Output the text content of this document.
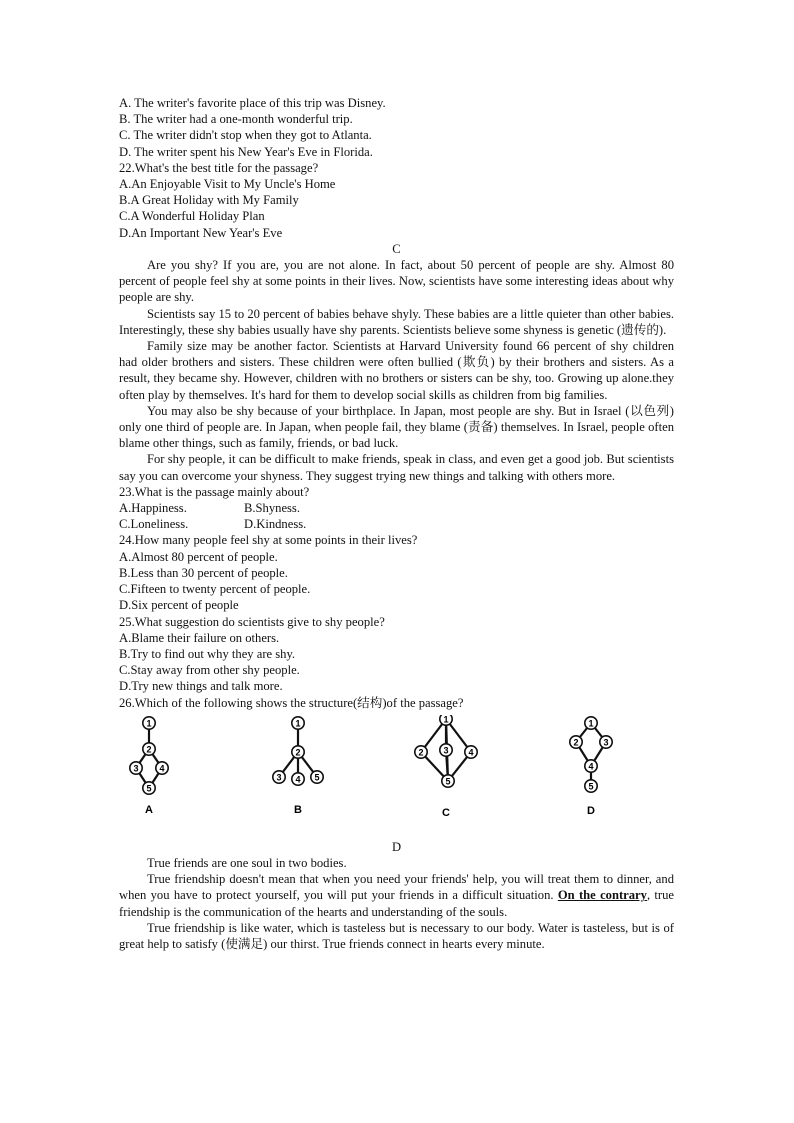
A. The writer's favorite place of this trip was Disney.
B. The writer had a one-month wonderful trip.
C. The writer didn't stop when they got to Atlanta.
D. The writer spent his New Year's Eve in Florida.
22.What's the best title for the passage?
A.An Enjoyable Visit to My Uncle's Home
B.A Great Holiday with My Family
C.A Wonderful Holiday Plan
D.An Important New Year's Eve
C

Are you shy? If you are, you are not alone. In fact, about 50 percent of people are shy. Almost 80 percent of people feel shy at some points in their lives. Now, scientists have some interesting ideas about why people are shy.

Scientists say 15 to 20 percent of babies behave shyly. These babies are a little quieter than other babies. Interestingly, these shy babies usually have shy parents. Scientists believe some shyness is genetic (遗传的).

Family size may be another factor. Scientists at Harvard University found 66 percent of shy children had older brothers and sisters. These children were often bullied (欺负) by their brothers and sisters. As a result, they became shy. However, children with no brothers or sisters can be shy, too. Growing up alone.they often play by themselves. It's hard for them to develop social skills as children from big families.

You may also be shy because of your birthplace. In Japan, most people are shy. But in Israel (以色列) only one third of people are. In Japan, when people fail, they blame (责备) themselves. In Israel, people often blame other things, such as family, friends, or bad luck.

For shy people, it can be difficult to make friends, speak in class, and even get a good job. But scientists say you can overcome your shyness. They suggest trying new things and talking with others more.

23.What is the passage mainly about?
A.Happiness.	B.Shyness.
C.Loneliness.	D.Kindness.
24.How many people feel shy at some points in their lives?
A.Almost 80 percent of people.
B.Less than 30 percent of people.
C.Fifteen to twenty percent of people.
D.Six percent of people
25.What suggestion do scientists give to shy people?
A.Blame their failure on others.
B.Try to find out why they are shy.
C.Stay away from other shy people.
D.Try new things and talk more.
26.Which of the following shows the structure(结构)of the passage?
1
2
3 4
5
A
1
2
3 4 5
B
1
2 3 4
5
C
1
2	3
4
5
D
D

True friends are one soul in two bodies.

True friendship doesn't mean that when you need your friends' help, you will treat them to dinner, and when you have to protect yourself, you will put your friends in a difficult situation. On the contrary, true friendship is the communication of the hearts and understanding of the souls.

True friendship is like water, which is tasteless but is necessary to our body. Water is tasteless, but is of great help to satisfy (使满足) our thirst. True friends connect in hearts every minute.
